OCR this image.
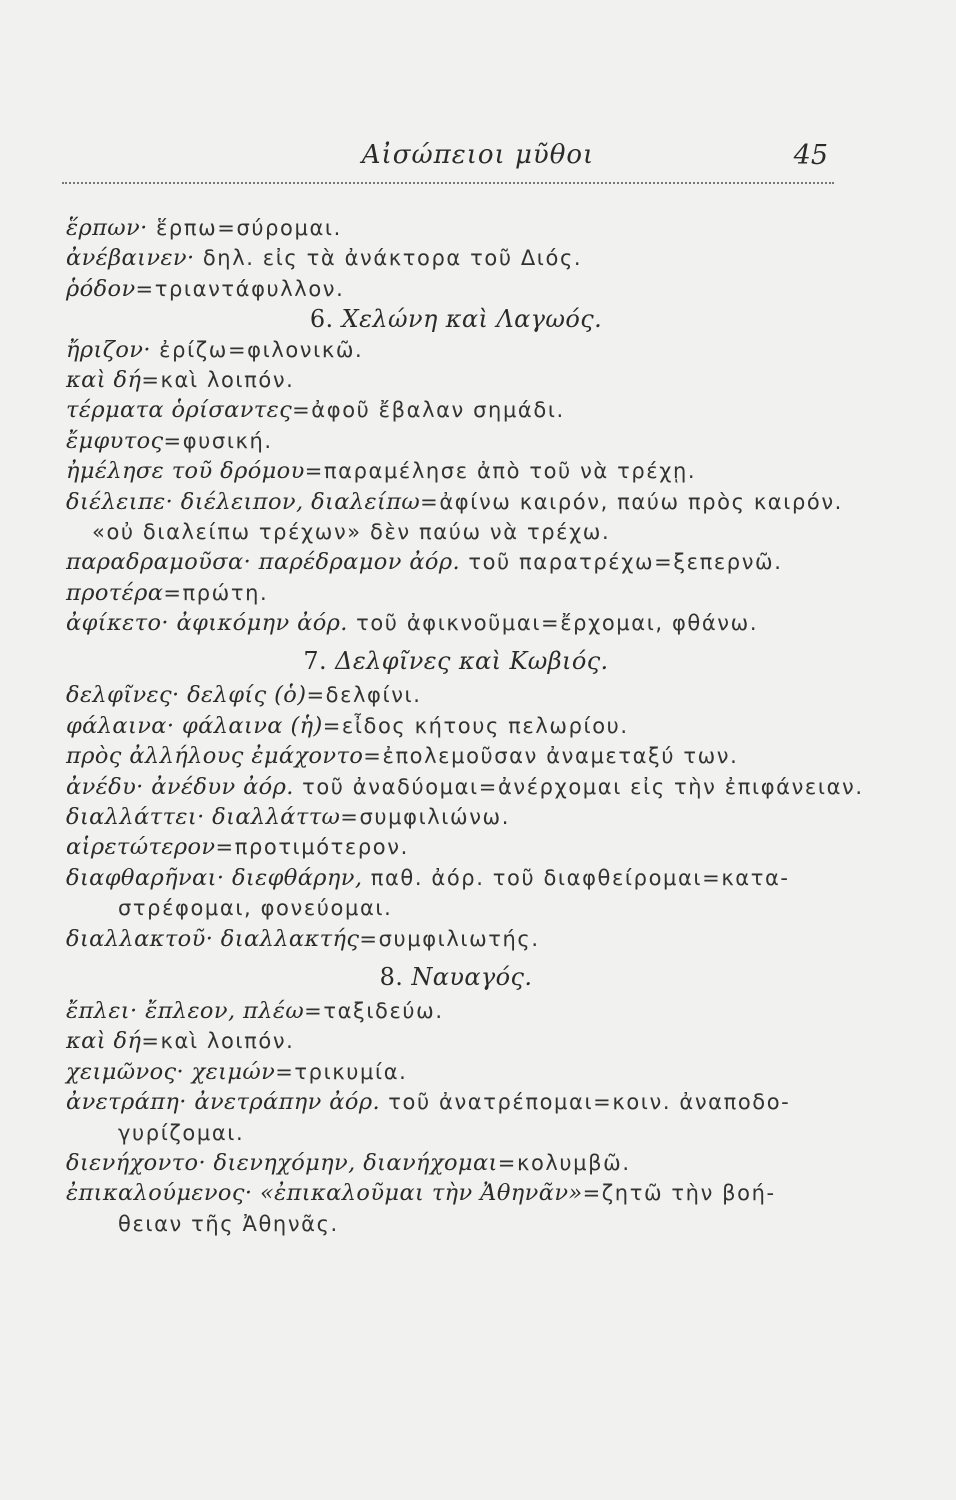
Αἰσώπειοι μῦθοι	45
ἕρπων· ἕρπω=σύρομαι.
ἀνέβαινεν· δηλ. εἰς τὰ ἀνάκτορα τοῦ Διός.
ῥόδον=τριαντάφυλλον.
6. Χελώνη καὶ Λαγωός.
ἤριζον· ἐρίζω=φιλονικῶ.
καὶ δή=καὶ λοιπόν.
τέρματα ὁρίσαντες=ἀφοῦ ἔβαλαν σημάδι.
ἔμφυτος=φυσική.
ἠμέλησε τοῦ δρόμου=παραμέλησε ἀπὸ τοῦ νὰ τρέχῃ.
διέλειπε· διέλειπον, διαλείπω=ἀφίνω καιρόν, παύω πρὸς καιρόν.
«οὐ διαλείπω τρέχων» δὲν παύω νὰ τρέχω.
παραδραμοῦσα· παρέδραμον ἀόρ. τοῦ παρατρέχω=ξεπερνῶ.
προτέρα=πρώτη.
ἀφίκετο· ἀφικόμην ἀόρ. τοῦ ἀφικνοῦμαι=ἔρχομαι, φθάνω.
7. Δελφῖνες καὶ Κωβιός.
δελφῖνες· δελφίς (ὁ)=δελφίνι.
φάλαινα· φάλαινα (ἡ)=εἶδος κήτους πελωρίου.
πρὸς ἀλλήλους ἐμάχοντο=ἐπολεμοῦσαν ἀναμεταξύ των.
ἀνέδυ· ἀνέδυν ἀόρ. τοῦ ἀναδύομαι=ἀνέρχομαι εἰς τὴν ἐπιφάνειαν.
διαλλάττει· διαλλάττω=συμφιλιώνω.
αἱρετώτερον=προτιμότερον.
διαφθαρῆναι· διεφθάρην, παθ. ἀόρ. τοῦ διαφθείρομαι=κατα-
στρέφομαι, φονεύομαι.
διαλλακτοῦ· διαλλακτής=συμφιλιωτής.
8. Ναυαγός.
ἔπλει· ἔπλεον, πλέω=ταξιδεύω.
καὶ δή=καὶ λοιπόν.
χειμῶνος· χειμών=τρικυμία.
ἀνετράπη· ἀνετράπην ἀόρ. τοῦ ἀνατρέπομαι=κοιν. ἀναποδο-
γυρίζομαι.
διενήχοντο· διενηχόμην, διανήχομαι=κολυμβῶ.
ἐπικαλούμενος· «ἐπικαλοῦμαι τὴν Ἀθηνᾶν»=ζητῶ τὴν βοή-
θειαν τῆς Ἀθηνᾶς.
